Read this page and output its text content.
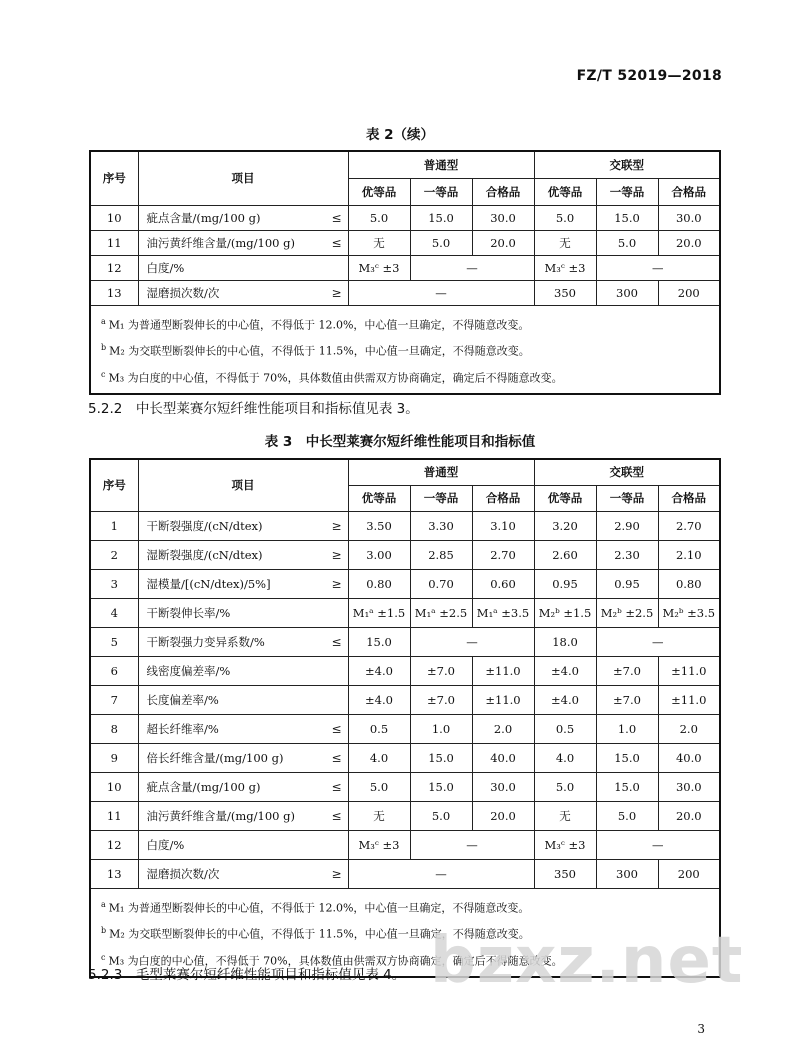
FZ/T 52019—2018
表 2（续）
序号	项目	普通型			交联型		
		优等品	一等品	合格品	优等品	一等品	合格品
10	疵点含量/(mg/100 g) ≤	5.0	15.0	30.0	5.0	15.0	30.0
11	油污黄纤维含量/(mg/100 g) ≤	无	5.0	20.0	无	5.0	20.0
12	白度/%	M₃ᶜ ±3	—		M₃ᶜ ±3	—	
13	湿磨损次数/次 ≥	—			350	300	200

$^a$ M₁ 为普通型断裂伸长的中心值，不得低于 12.0%，中心值一旦确定，不得随意改变。
$^b$ M₂ 为交联型断裂伸长的中心值，不得低于 11.5%，中心值一旦确定，不得随意改变。
$^c$ M₃ 为白度的中心值，不得低于 70%，具体数值由供需双方协商确定，确定后不得随意改变。							
5.2.2　中长型莱赛尔短纤维性能项目和指标值见表 3。
表 3　中长型莱赛尔短纤维性能项目和指标值
序号	项目	普通型			交联型		
		优等品	一等品	合格品	优等品	一等品	合格品
1	干断裂强度/(cN/dtex) ≥	3.50	3.30	3.10	3.20	2.90	2.70
2	湿断裂强度/(cN/dtex) ≥	3.00	2.85	2.70	2.60	2.30	2.10
3	湿模量/[(cN/dtex)/5%] ≥	0.80	0.70	0.60	0.95	0.95	0.80
4	干断裂伸长率/%	M₁ᵃ ±1.5	M₁ᵃ ±2.5	M₁ᵃ ±3.5	M₂ᵇ ±1.5	M₂ᵇ ±2.5	M₂ᵇ ±3.5
5	干断裂强力变异系数/% ≤	15.0	—		18.0	—	
6	线密度偏差率/%	±4.0	±7.0	±11.0	±4.0	±7.0	±11.0
7	长度偏差率/%	±4.0	±7.0	±11.0	±4.0	±7.0	±11.0
8	超长纤维率/% ≤	0.5	1.0	2.0	0.5	1.0	2.0
9	倍长纤维含量/(mg/100 g) ≤	4.0	15.0	40.0	4.0	15.0	40.0
10	疵点含量/(mg/100 g) ≤	5.0	15.0	30.0	5.0	15.0	30.0
11	油污黄纤维含量/(mg/100 g) ≤	无	5.0	20.0	无	5.0	20.0
12	白度/%	M₃ᶜ ±3	—		M₃ᶜ ±3	—	
13	湿磨损次数/次 ≥	—			350	300	200

$^a$ M₁ 为普通型断裂伸长的中心值，不得低于 12.0%，中心值一旦确定，不得随意改变。
$^b$ M₂ 为交联型断裂伸长的中心值，不得低于 11.5%，中心值一旦确定，不得随意改变。
$^c$ M₃ 为白度的中心值，不得低于 70%，具体数值由供需双方协商确定，确定后不得随意改变。							
5.2.3　毛型莱赛尔短纤维性能项目和指标值见表 4。 bzxz.net
3
